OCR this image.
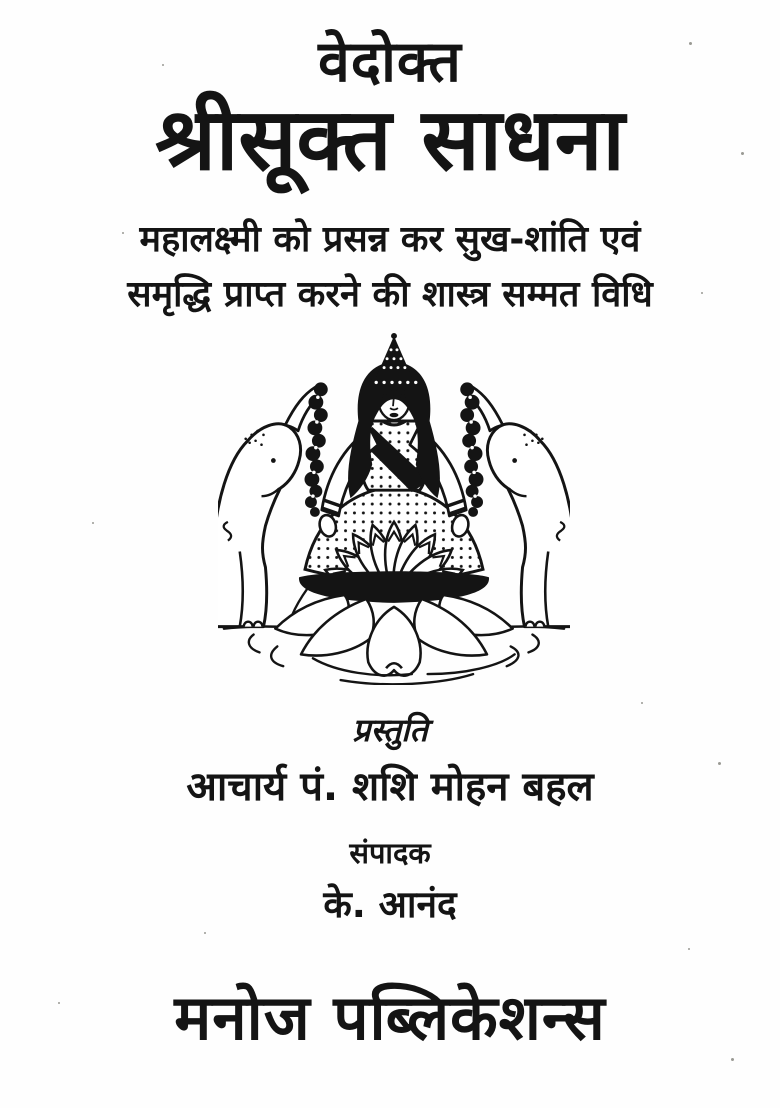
वेदोक्त
श्रीसूक्त साधना
महालक्ष्मी को प्रसन्न कर सुख-शांति एवं
समृद्धि प्राप्त करने की शास्त्र सम्मत विधि
प्रस्तुति
आचार्य पं. शशि मोहन बहल
संपादक
के. आनंद
मनोज पब्लिकेशन्स
